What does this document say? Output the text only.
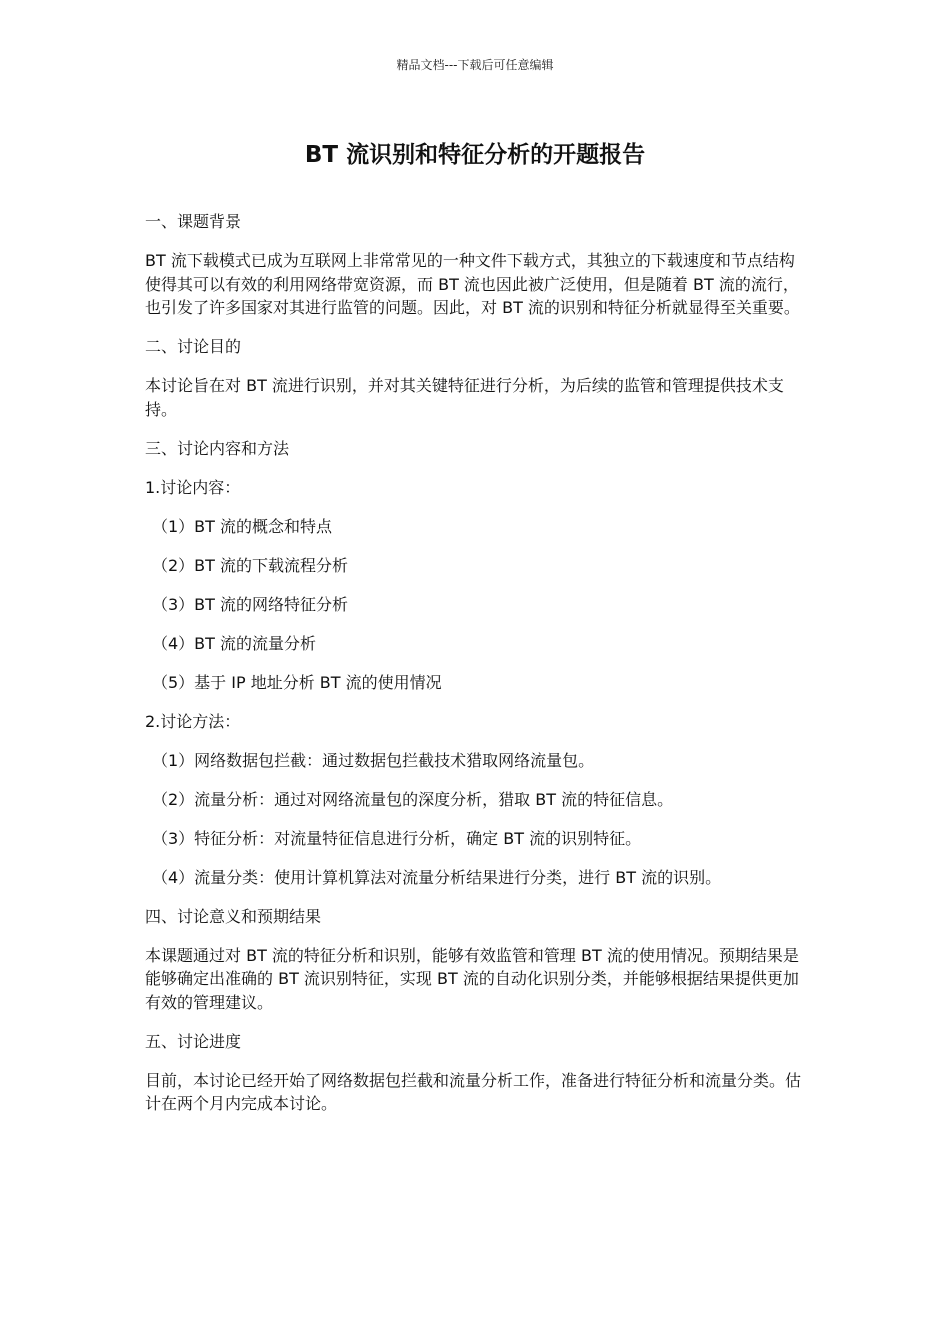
精品文档---下载后可任意编辑
BT 流识别和特征分析的开题报告

一、课题背景

BT 流下载模式已成为互联网上非常常见的一种文件下载方式，其独立的下载速度和节点结构使得其可以有效的利用网络带宽资源，而 BT 流也因此被广泛使用，但是随着 BT 流的流行，也引发了许多国家对其进行监管的问题。因此，对 BT 流的识别和特征分析就显得至关重要。

二、讨论目的

本讨论旨在对 BT 流进行识别，并对其关键特征进行分析，为后续的监管和管理提供技术支持。

三、讨论内容和方法

1.讨论内容：

（1）BT 流的概念和特点

（2）BT 流的下载流程分析

（3）BT 流的网络特征分析

（4）BT 流的流量分析

（5）基于 IP 地址分析 BT 流的使用情况

2.讨论方法：

（1）网络数据包拦截：通过数据包拦截技术猎取网络流量包。

（2）流量分析：通过对网络流量包的深度分析，猎取 BT 流的特征信息。

（3）特征分析：对流量特征信息进行分析，确定 BT 流的识别特征。

（4）流量分类：使用计算机算法对流量分析结果进行分类，进行 BT 流的识别。

四、讨论意义和预期结果

本课题通过对 BT 流的特征分析和识别，能够有效监管和管理 BT 流的使用情况。预期结果是能够确定出准确的 BT 流识别特征，实现 BT 流的自动化识别分类，并能够根据结果提供更加有效的管理建议。

五、讨论进度

目前，本讨论已经开始了网络数据包拦截和流量分析工作，准备进行特征分析和流量分类。估计在两个月内完成本讨论。
